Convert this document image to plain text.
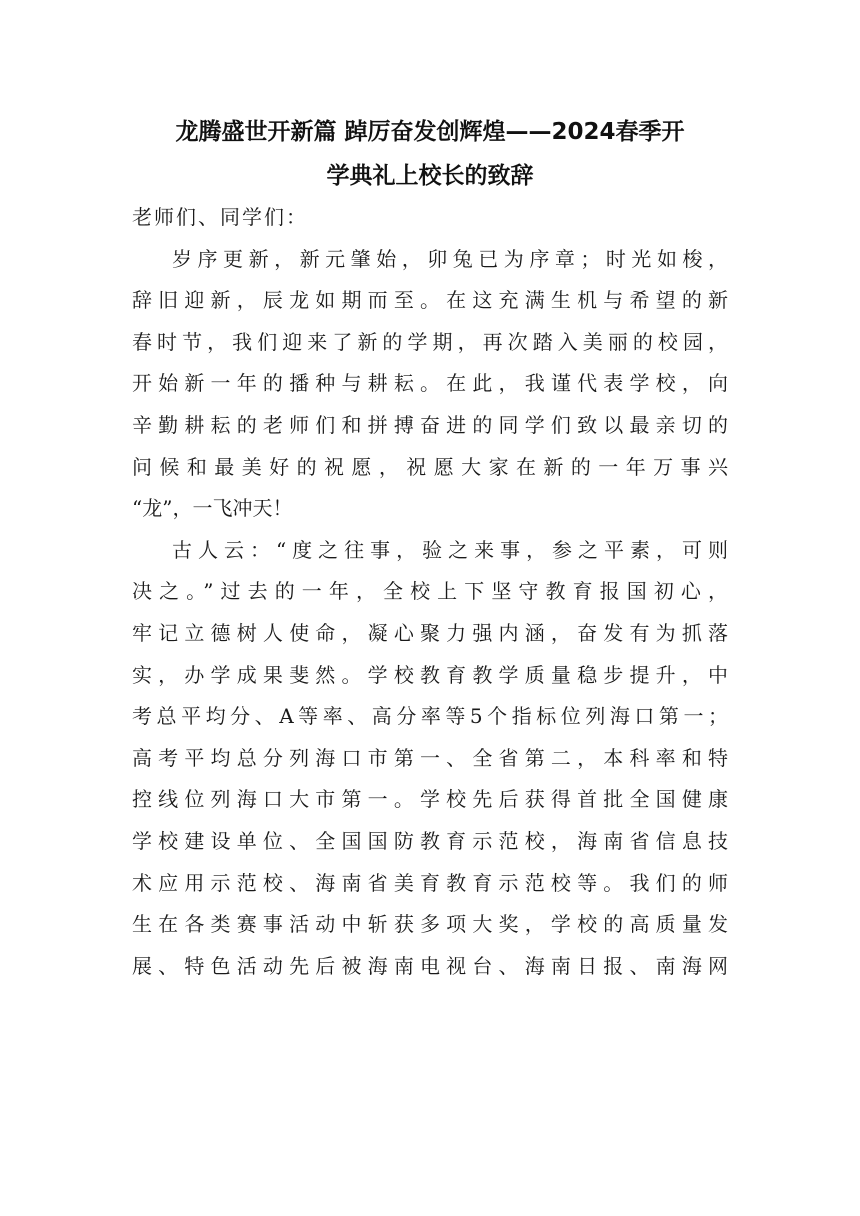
龙腾盛世开新篇 踔厉奋发创辉煌——2024春季开
学典礼上校长的致辞
老师们、同学们：
岁序更新，新元肇始，卯兔已为序章；时光如梭，
辞旧迎新，辰龙如期而至。在这充满生机与希望的新
春时节，我们迎来了新的学期，再次踏入美丽的校园，
开始新一年的播种与耕耘。在此，我谨代表学校，向
辛勤耕耘的老师们和拼搏奋进的同学们致以最亲切的
问候和最美好的祝愿，祝愿大家在新的一年万事兴
“龙”，一飞冲天！
古人云：“度之往事，验之来事，参之平素，可则
决之。”过去的一年，全校上下坚守教育报国初心，
牢记立德树人使命，凝心聚力强内涵，奋发有为抓落
实，办学成果斐然。学校教育教学质量稳步提升，中
考总平均分、A等率、高分率等5个指标位列海口第一；
高考平均总分列海口市第一、全省第二，本科率和特
控线位列海口大市第一。学校先后获得首批全国健康
学校建设单位、全国国防教育示范校，海南省信息技
术应用示范校、海南省美育教育示范校等。我们的师
生在各类赛事活动中斩获多项大奖，学校的高质量发
展、特色活动先后被海南电视台、海南日报、南海网
